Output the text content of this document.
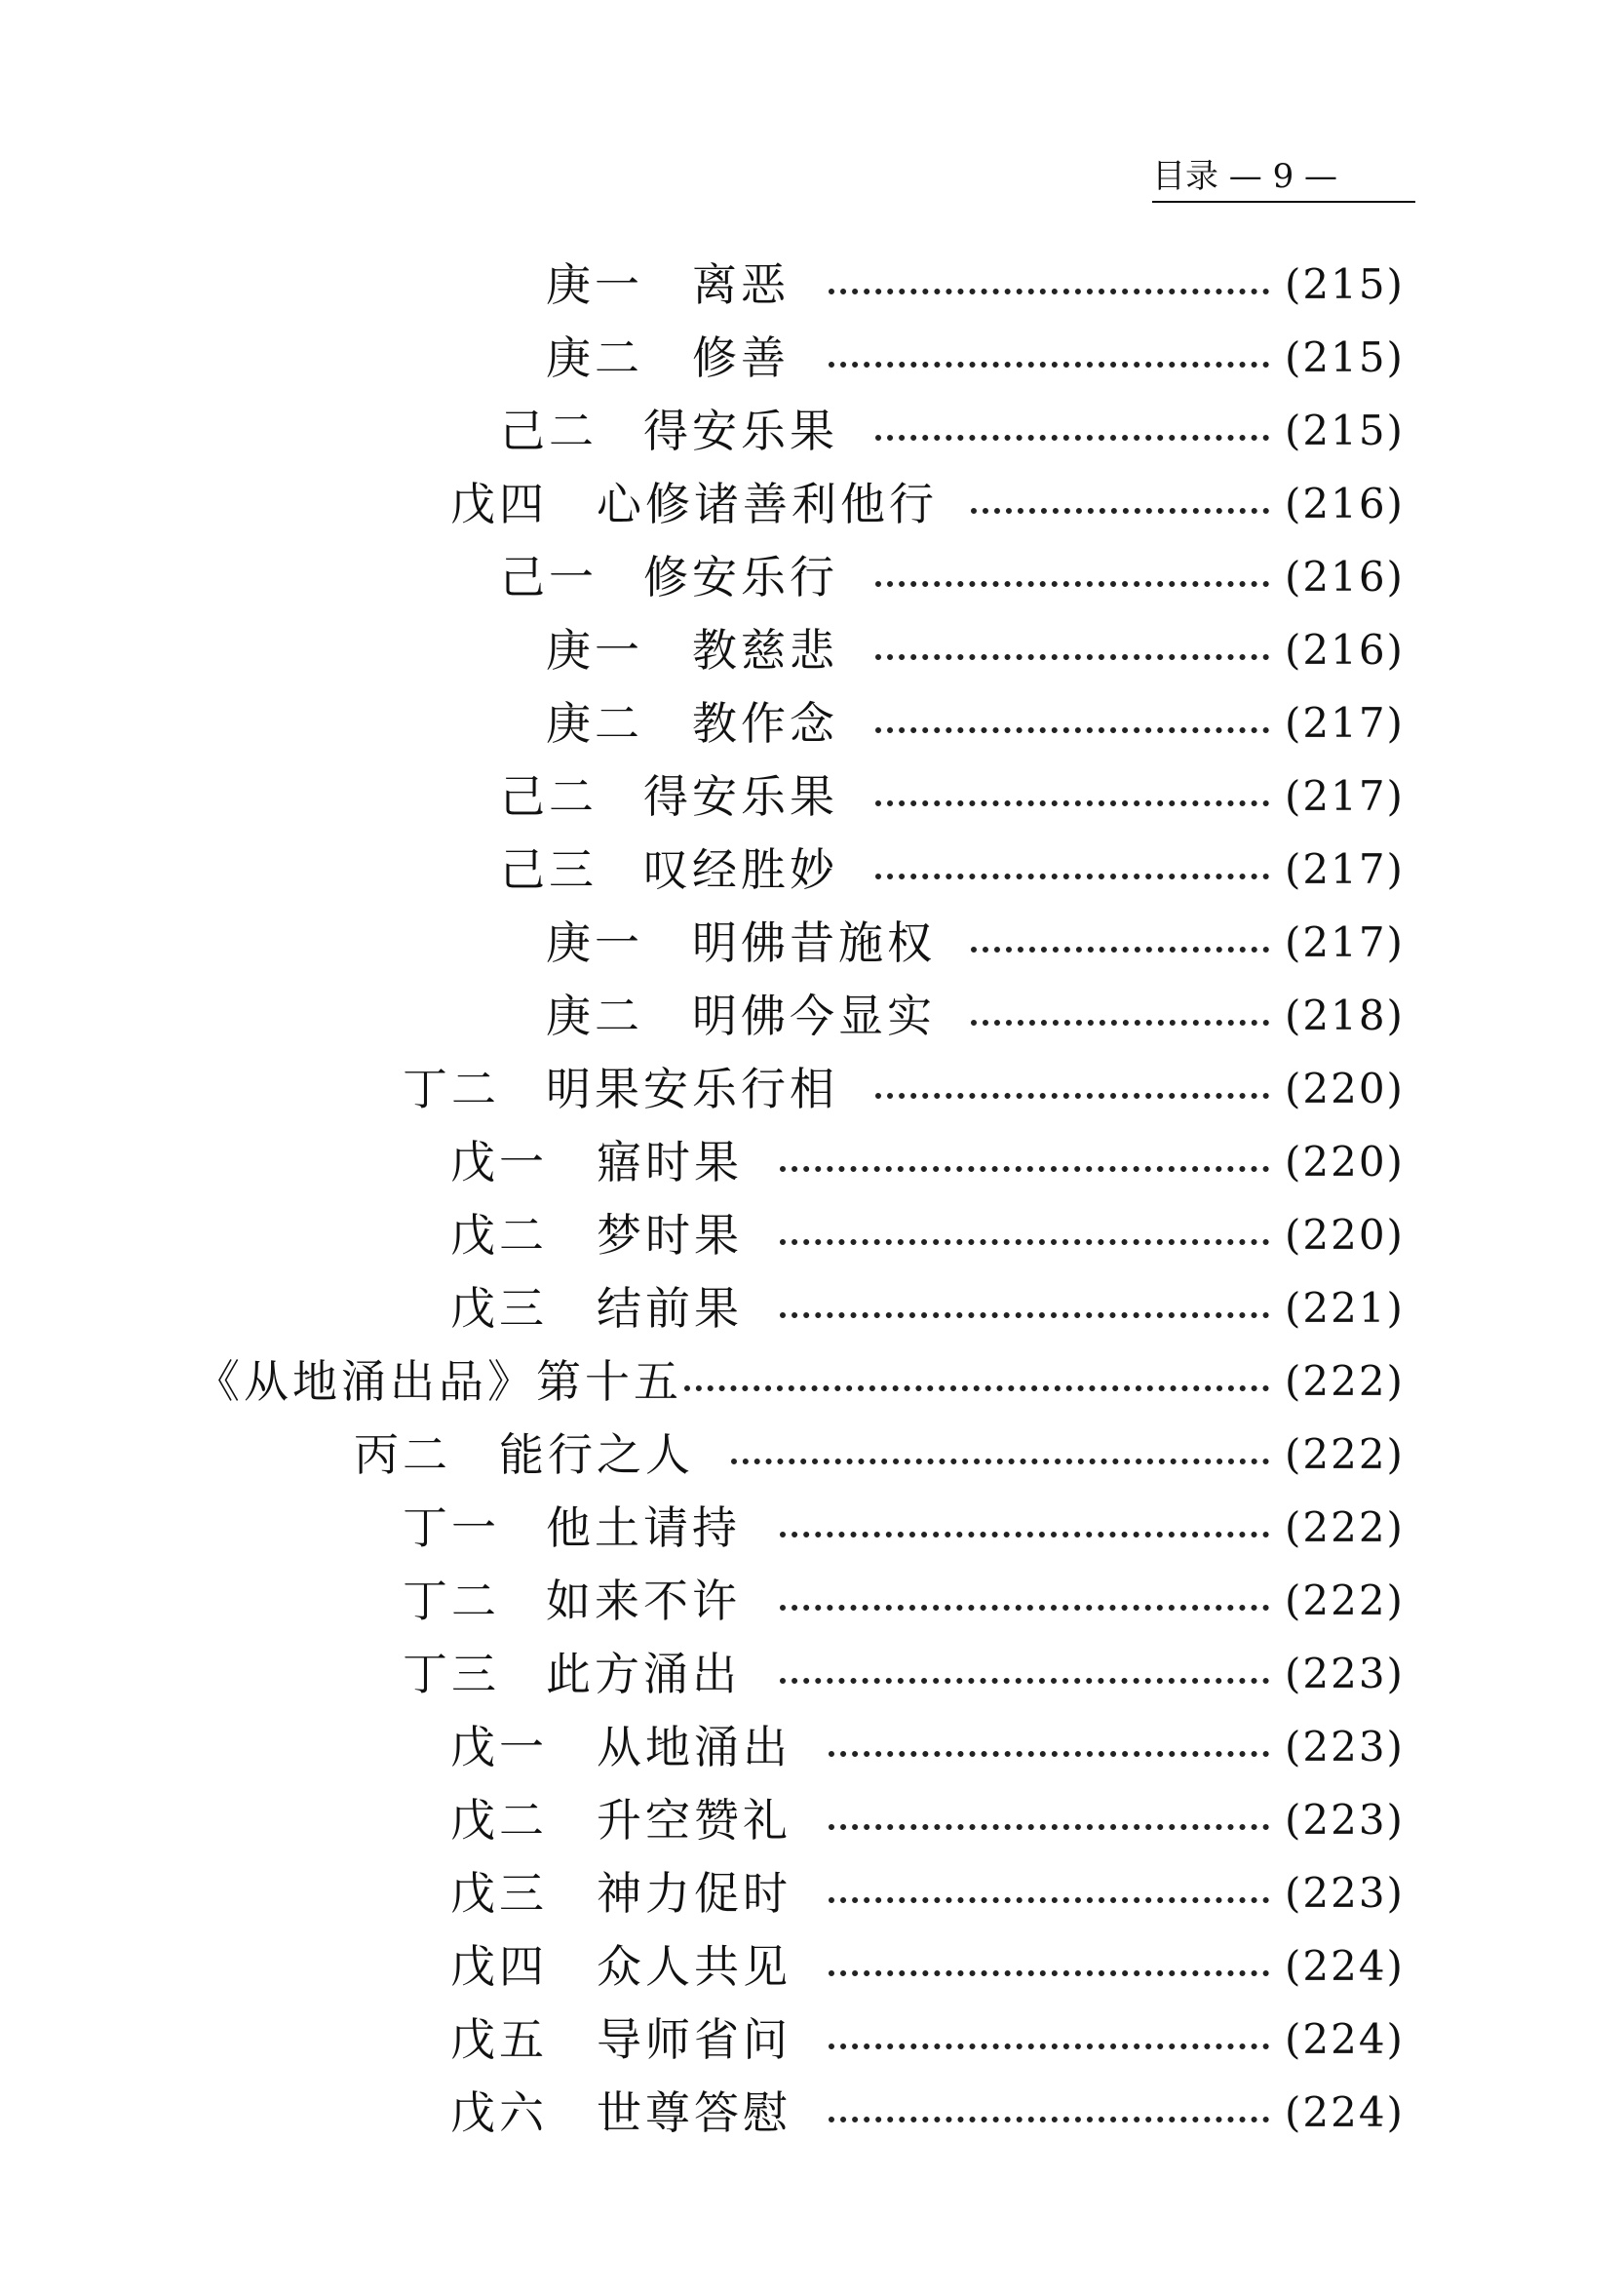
目录 — 9 —
庚一 离恶	(215)
庚二 修善	(215)
己二 得安乐果	(215)
戊四 心修诸善利他行	(216)
己一 修安乐行	(216)
庚一 教慈悲	(216)
庚二 教作念	(217)
己二 得安乐果	(217)
己三 叹经胜妙	(217)
庚一 明佛昔施权	(217)
庚二 明佛今显实	(218)
丁二 明果安乐行相	(220)
戊一 寤时果	(220)
戊二 梦时果	(220)
戊三 结前果	(221)
《从地涌出品》第十五	(222)
丙二 能行之人	(222)
丁一 他土请持	(222)
丁二 如来不许	(222)
丁三 此方涌出	(223)
戊一 从地涌出	(223)
戊二 升空赞礼	(223)
戊三 神力促时	(223)
戊四 众人共见	(224)
戊五 导师省问	(224)
戊六 世尊答慰	(224)
